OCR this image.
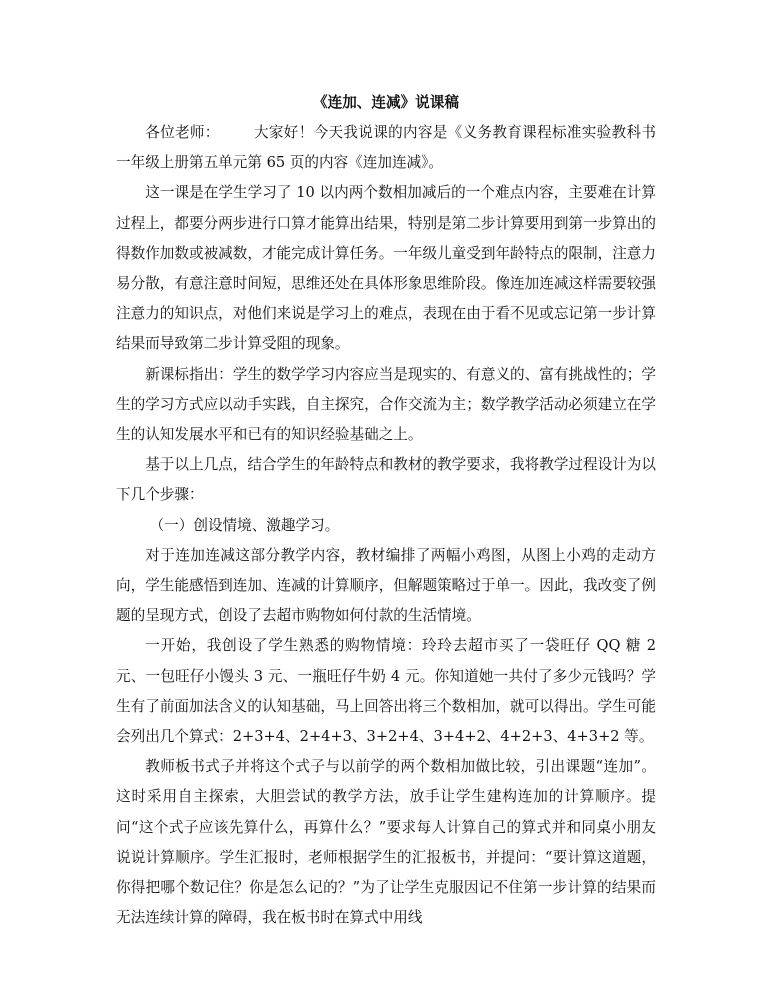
《连加、连减》说课稿

各位老师： 大家好！今天我说课的内容是《义务教育课程标准实验教科书一年级上册第五单元第 65 页的内容《连加连减》。

这一课是在学生学习了 10 以内两个数相加减后的一个难点内容，主要难在计算过程上，都要分两步进行口算才能算出结果，特别是第二步计算要用到第一步算出的得数作加数或被减数，才能完成计算任务。一年级儿童受到年龄特点的限制，注意力易分散，有意注意时间短，思维还处在具体形象思维阶段。像连加连减这样需要较强注意力的知识点，对他们来说是学习上的难点，表现在由于看不见或忘记第一步计算结果而导致第二步计算受阻的现象。

新课标指出：学生的数学学习内容应当是现实的、有意义的、富有挑战性的；学生的学习方式应以动手实践，自主探究，合作交流为主；数学教学活动必须建立在学生的认知发展水平和已有的知识经验基础之上。

基于以上几点，结合学生的年龄特点和教材的教学要求，我将教学过程设计为以下几个步骤：

（一）创设情境、激趣学习。

对于连加连减这部分教学内容，教材编排了两幅小鸡图，从图上小鸡的走动方向，学生能感悟到连加、连减的计算顺序，但解题策略过于单一。因此，我改变了例题的呈现方式，创设了去超市购物如何付款的生活情境。

一开始，我创设了学生熟悉的购物情境：玲玲去超市买了一袋旺仔 QQ 糖 2 元、一包旺仔小馒头 3 元、一瓶旺仔牛奶 4 元。你知道她一共付了多少元钱吗？学生有了前面加法含义的认知基础，马上回答出将三个数相加，就可以得出。学生可能会列出几个算式：2+3+4、2+4+3、3+2+4、3+4+2、4+2+3、4+3+2 等。

教师板书式子并将这个式子与以前学的两个数相加做比较，引出课题“连加”。这时采用自主探索，大胆尝试的教学方法，放手让学生建构连加的计算顺序。提问“这个式子应该先算什么，再算什么？”要求每人计算自己的算式并和同桌小朋友说说计算顺序。学生汇报时，老师根据学生的汇报板书，并提问：“要计算这道题，你得把哪个数记住？你是怎么记的？”为了让学生克服因记不住第一步计算的结果而无法连续计算的障碍，我在板书时在算式中用线
